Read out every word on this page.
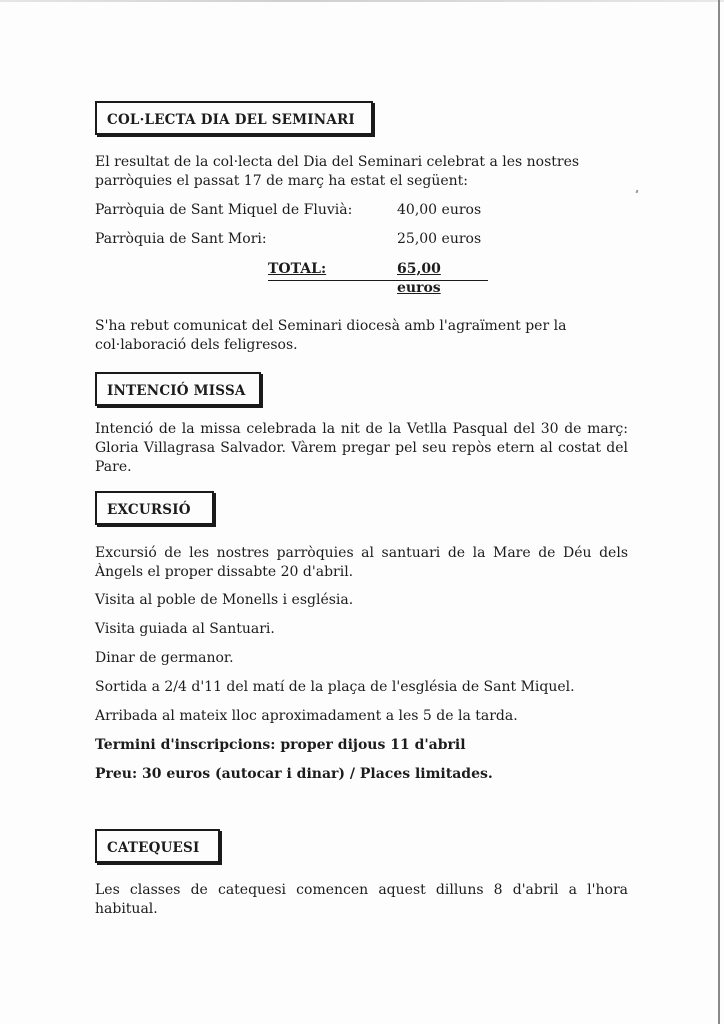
COL·LECTA DIA DEL SEMINARI

El resultat de la col·lecta del Dia del Seminari celebrat a les nostres parròquies el passat 17 de març ha estat el següent:

Parròquia de Sant Miquel de Fluvià:	40,00 euros
Parròquia de Sant Mori:	25,00 euros
TOTAL:	65,00 euros

S'ha rebut comunicat del Seminari diocesà amb l'agraïment per la col·laboració dels feligresos.

INTENCIÓ MISSA

Intenció de la missa celebrada la nit de la Vetlla Pasqual del 30 de març: Gloria Villagrasa Salvador. Vàrem pregar pel seu repòs etern al costat del Pare.

EXCURSIÓ

Excursió de les nostres parròquies al santuari de la Mare de Déu dels Àngels el proper dissabte 20 d'abril.

Visita al poble de Monells i església.
Visita guiada al Santuari.
Dinar de germanor.
Sortida a 2/4 d'11 del matí de la plaça de l'església de Sant Miquel.
Arribada al mateix lloc aproximadament a les 5 de la tarda.
Termini d'inscripcions: proper dijous 11 d'abril
Preu: 30 euros (autocar i dinar) / Places limitades.
CATEQUESI

Les classes de catequesi comencen aquest dilluns 8 d'abril a l'hora habitual.
